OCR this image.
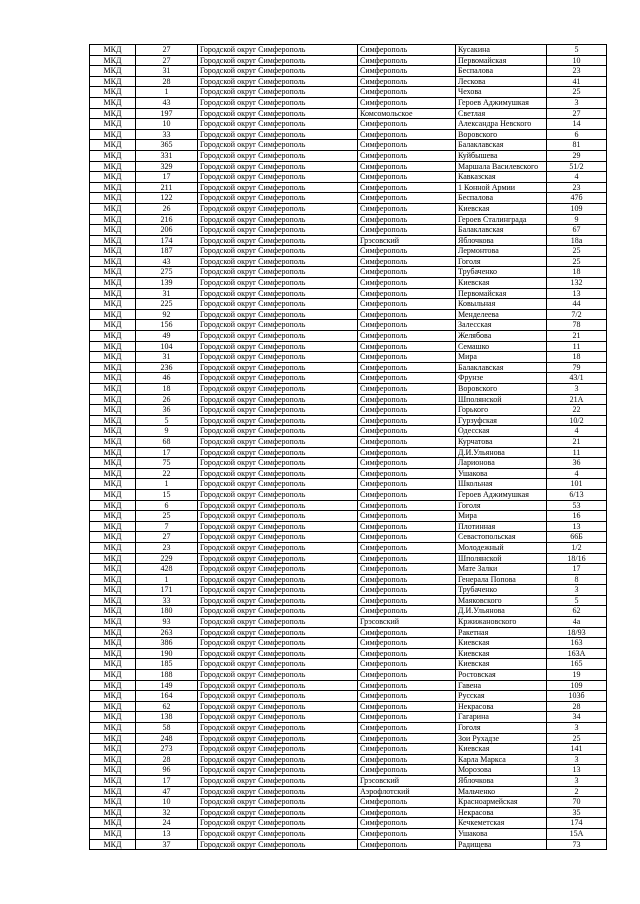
МКД	27	Городской округ Симферополь	Симферополь	Кусакина	5
МКД	27	Городской округ Симферополь	Симферополь	Первомайская	10
МКД	31	Городской округ Симферополь	Симферополь	Беспалова	23
МКД	28	Городской округ Симферополь	Симферополь	Лескова	41
МКД	1	Городской округ Симферополь	Симферополь	Чехова	25
МКД	43	Городской округ Симферополь	Симферополь	Героев Аджимушкая	3
МКД	197	Городской округ Симферополь	Комсомольское	Светлая	27
МКД	10	Городской округ Симферополь	Симферополь	Александра Невского	14
МКД	33	Городской округ Симферополь	Симферополь	Воровского	6
МКД	365	Городской округ Симферополь	Симферополь	Балаклавская	81
МКД	331	Городской округ Симферополь	Симферополь	Куйбышева	29
МКД	329	Городской округ Симферополь	Симферополь	Маршала Василевского	51/2
МКД	17	Городской округ Симферополь	Симферополь	Кавказская	4
МКД	211	Городской округ Симферополь	Симферополь	1 Конной Армии	23
МКД	122	Городской округ Симферополь	Симферополь	Беспалова	47б
МКД	26	Городской округ Симферополь	Симферополь	Киевская	109
МКД	216	Городской округ Симферополь	Симферополь	Героев Сталинграда	9
МКД	206	Городской округ Симферополь	Симферополь	Балаклавская	67
МКД	174	Городской округ Симферополь	Грэсовский	Яблочкова	18а
МКД	187	Городской округ Симферополь	Симферополь	Лермонтова	25
МКД	43	Городской округ Симферополь	Симферополь	Гоголя	25
МКД	275	Городской округ Симферополь	Симферополь	Трубаченко	18
МКД	139	Городской округ Симферополь	Симферополь	Киевская	132
МКД	31	Городской округ Симферополь	Симферополь	Первомайская	13
МКД	225	Городской округ Симферополь	Симферополь	Ковыльная	44
МКД	92	Городской округ Симферополь	Симферополь	Менделеева	7/2
МКД	156	Городской округ Симферополь	Симферополь	Залесская	78
МКД	49	Городской округ Симферополь	Симферополь	Желябова	21
МКД	104	Городской округ Симферополь	Симферополь	Семашко	11
МКД	31	Городской округ Симферополь	Симферополь	Мира	18
МКД	236	Городской округ Симферополь	Симферополь	Балаклавская	79
МКД	46	Городской округ Симферополь	Симферополь	Фрунзе	43/1
МКД	18	Городской округ Симферополь	Симферополь	Воровского	3
МКД	26	Городской округ Симферополь	Симферополь	Шполянской	21А
МКД	36	Городской округ Симферополь	Симферополь	Горького	22
МКД	5	Городской округ Симферополь	Симферополь	Гурзуфская	10/2
МКД	9	Городской округ Симферополь	Симферополь	Одесская	4
МКД	68	Городской округ Симферополь	Симферополь	Курчатова	21
МКД	17	Городской округ Симферополь	Симферополь	Д.И.Ульянова	11
МКД	75	Городской округ Симферополь	Симферополь	Ларионова	36
МКД	22	Городской округ Симферополь	Симферополь	Ушакова	4
МКД	1	Городской округ Симферополь	Симферополь	Школьная	101
МКД	15	Городской округ Симферополь	Симферополь	Героев Аджимушкая	6/13
МКД	6	Городской округ Симферополь	Симферополь	Гоголя	53
МКД	25	Городской округ Симферополь	Симферополь	Мира	16
МКД	7	Городской округ Симферополь	Симферополь	Плотинная	13
МКД	27	Городской округ Симферополь	Симферополь	Севастопольская	66Б
МКД	23	Городской округ Симферополь	Симферополь	Молодежный	1/2
МКД	229	Городской округ Симферополь	Симферополь	Шполянской	18/16
МКД	428	Городской округ Симферополь	Симферополь	Мате Залки	17
МКД	1	Городской округ Симферополь	Симферополь	Генерала Попова	8
МКД	171	Городской округ Симферополь	Симферополь	Трубаченко	3
МКД	33	Городской округ Симферополь	Симферополь	Маяковского	5
МКД	180	Городской округ Симферополь	Симферополь	Д.И.Ульянова	62
МКД	93	Городской округ Симферополь	Грэсовский	Кржижановского	4а
МКД	263	Городской округ Симферополь	Симферополь	Ракетная	18/93
МКД	386	Городской округ Симферополь	Симферополь	Киевская	163
МКД	190	Городской округ Симферополь	Симферополь	Киевская	163А
МКД	185	Городской округ Симферополь	Симферополь	Киевская	165
МКД	188	Городской округ Симферополь	Симферополь	Ростовская	19
МКД	149	Городской округ Симферополь	Симферополь	Гавена	109
МКД	164	Городской округ Симферополь	Симферополь	Русская	103б
МКД	62	Городской округ Симферополь	Симферополь	Некрасова	28
МКД	138	Городской округ Симферополь	Симферополь	Гагарина	34
МКД	58	Городской округ Симферополь	Симферополь	Гоголя	3
МКД	248	Городской округ Симферополь	Симферополь	Зои Рухадзе	25
МКД	273	Городской округ Симферополь	Симферополь	Киевская	141
МКД	28	Городской округ Симферополь	Симферополь	Карла Маркса	3
МКД	96	Городской округ Симферополь	Симферополь	Морозова	13
МКД	17	Городской округ Симферополь	Грэсовский	Яблочкова	3
МКД	47	Городской округ Симферополь	Аэрофлотский	Мальченко	2
МКД	10	Городской округ Симферополь	Симферополь	Красноармейская	70
МКД	32	Городской округ Симферополь	Симферополь	Некрасова	35
МКД	24	Городской округ Симферополь	Симферополь	Кечкеметская	174
МКД	13	Городской округ Симферополь	Симферополь	Ушакова	15А
МКД	37	Городской округ Симферополь	Симферополь	Радищева	73
